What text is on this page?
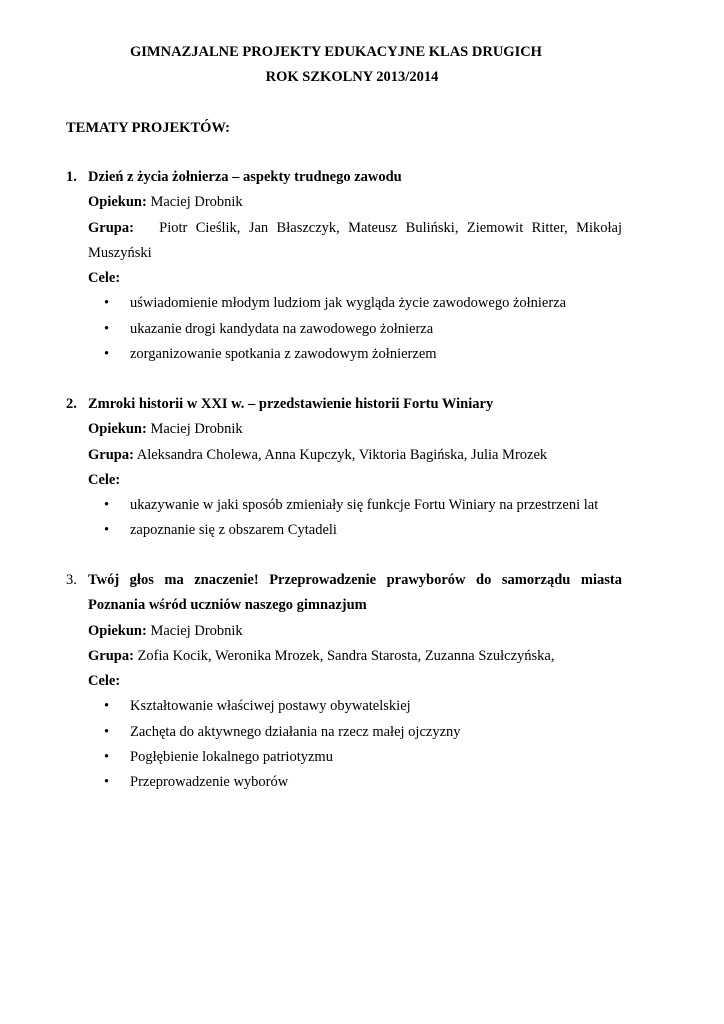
GIMNAZJALNE PROJEKTY EDUKACYJNE KLAS DRUGICH

ROK SZKOLNY 2013/2014

TEMATY PROJEKTÓW:

1. Dzień z życia żołnierza – aspekty trudnego zawodu

Opiekun: Maciej Drobnik

Grupa: Piotr Cieślik, Jan Błaszczyk, Mateusz Buliński, Ziemowit Ritter, Mikołaj Muszyński

Cele:

• uświadomienie młodym ludziom jak wygląda życie zawodowego żołnierza
• ukazanie drogi kandydata na zawodowego żołnierza
• zorganizowanie spotkania z zawodowym żołnierzem

2. Zmroki historii w XXI w. – przedstawienie historii Fortu Winiary

Opiekun: Maciej Drobnik

Grupa: Aleksandra Cholewa, Anna Kupczyk, Viktoria Bagińska, Julia Mrozek

Cele:

• ukazywanie w jaki sposób zmieniały się funkcje Fortu Winiary na przestrzeni lat
• zapoznanie się z obszarem Cytadeli

3. Twój głos ma znaczenie! Przeprowadzenie prawyborów do samorządu miasta Poznania wśród uczniów naszego gimnazjum

Opiekun: Maciej Drobnik

Grupa: Zofia Kocik, Weronika Mrozek, Sandra Starosta, Zuzanna Szułczyńska,

Cele:

• Kształtowanie właściwej postawy obywatelskiej
• Zachęta do aktywnego działania na rzecz małej ojczyzny
• Pogłębienie lokalnego patriotyzmu
• Przeprowadzenie wyborów
